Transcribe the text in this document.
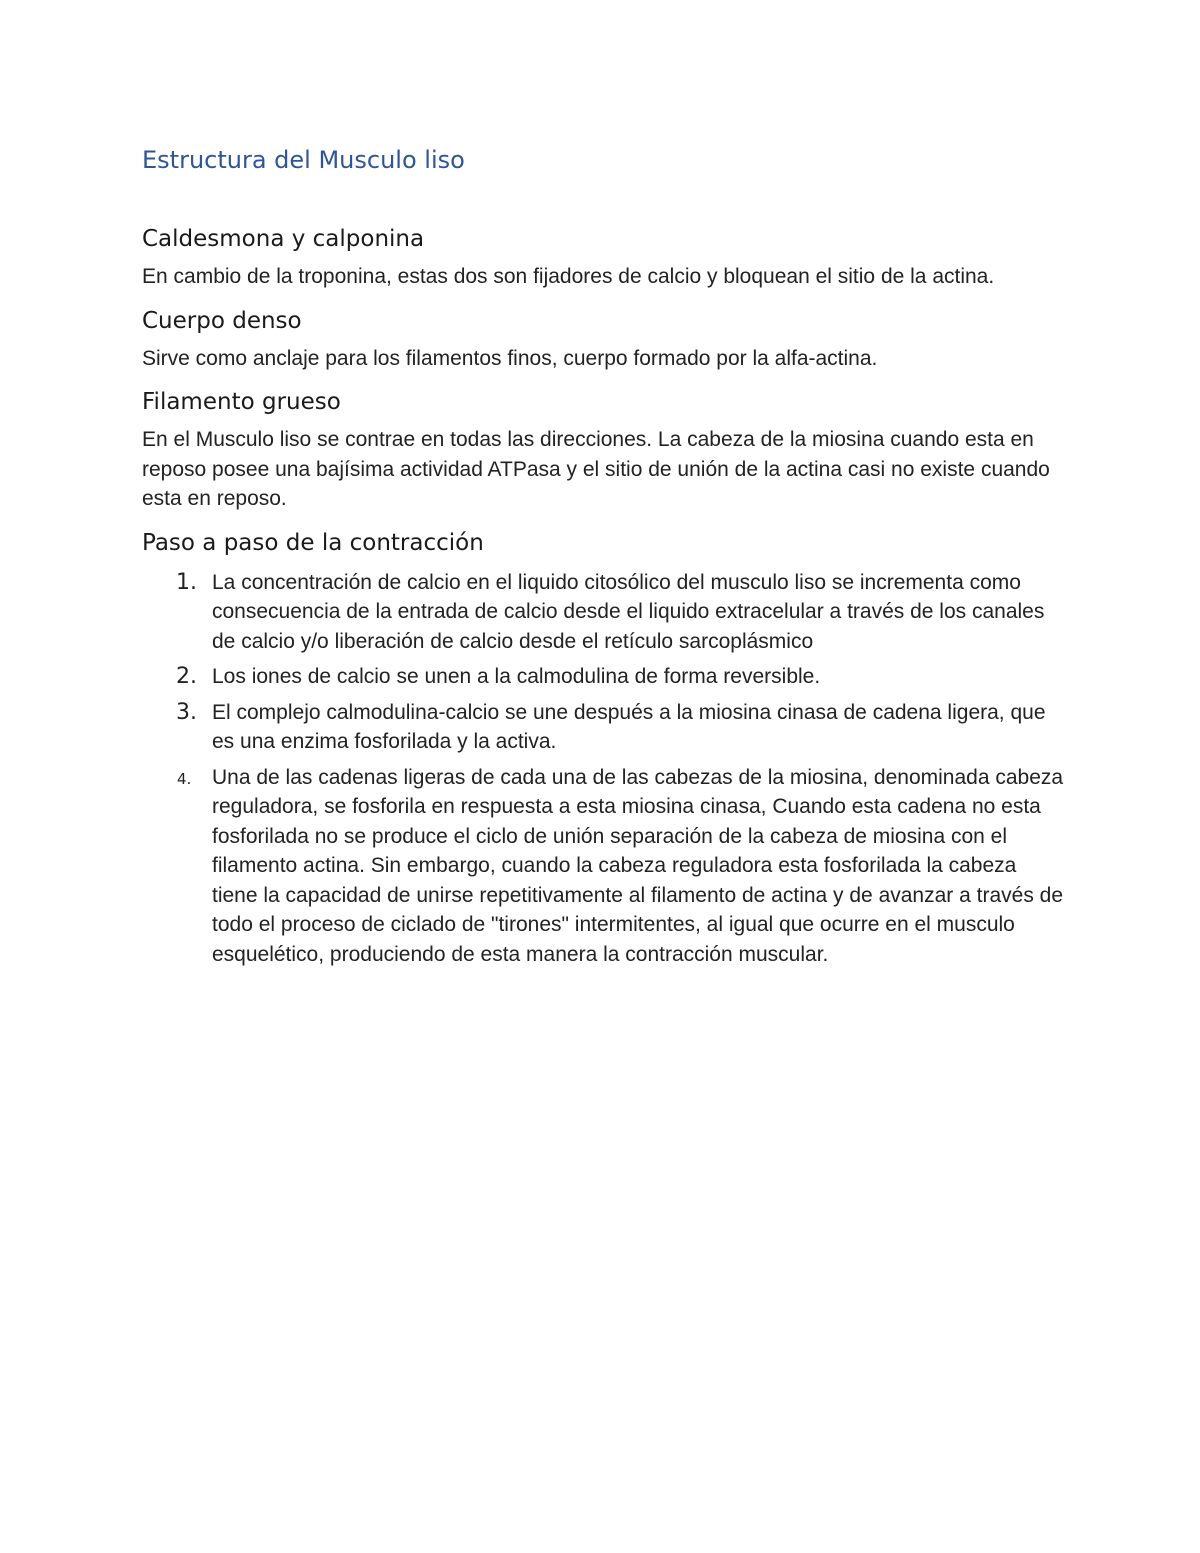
Estructura del Musculo liso
Caldesmona y calponina

En cambio de la troponina, estas dos son fijadores de calcio y bloquean el sitio de la actina.

Cuerpo denso

Sirve como anclaje para los filamentos finos, cuerpo formado por la alfa-actina.

Filamento grueso

En el Musculo liso se contrae en todas las direcciones. La cabeza de la miosina cuando esta en reposo posee una bajísima actividad ATPasa y el sitio de unión de la actina casi no existe cuando esta en reposo.

Paso a paso de la contracción
1. La concentración de calcio en el liquido citosólico del musculo liso se incrementa como consecuencia de la entrada de calcio desde el liquido extracelular a través de los canales de calcio y/o liberación de calcio desde el retículo sarcoplásmico
2. Los iones de calcio se unen a la calmodulina de forma reversible.
3. El complejo calmodulina-calcio se une después a la miosina cinasa de cadena ligera, que es una enzima fosforilada y la activa.
4. Una de las cadenas ligeras de cada una de las cabezas de la miosina, denominada cabeza reguladora, se fosforila en respuesta a esta miosina cinasa, Cuando esta cadena no esta fosforilada no se produce el ciclo de unión separación de la cabeza de miosina con el filamento actina. Sin embargo, cuando la cabeza reguladora esta fosforilada la cabeza tiene la capacidad de unirse repetitivamente al filamento de actina y de avanzar a través de todo el proceso de ciclado de "tirones" intermitentes, al igual que ocurre en el musculo esquelético, produciendo de esta manera la contracción muscular.
